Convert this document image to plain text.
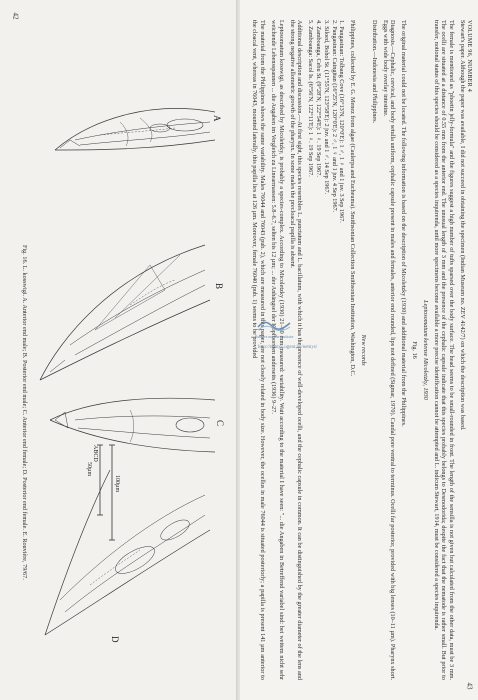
42
A
B
C
D
ABCD
50µm
100µm
Fig. 16. L. kosswigi. A. Anterior end male; B. Posterior end male; C. Anterior end female; D. Posterior end female. E. Rouvière, 79/67.
43
VOLUME 96, NUMBER 4

Stewart's paper. Although the paper was available, I did not succeed in obtaining the specimen (Indian Museum no. ZEV 4142/7) on which the description was based.

The female is mentioned as "phoetin jelly-formula" and the figures suggest a high number of tufts sparsed over the body surface. The head seems to be small-rounded in front. The length of the sensilla is not given but calculated from the other data, must be 3 mm. The ocelli are situated at a distance of 0.55 mm from the anterior end. The unusual length of 3 mm and the presence of the cephalic capsule indicate that this species probably belongs to Desmodorida; despite the fact that the nematode is rather small. But prior to transfer, notional status of this species should be considered as a species inquirenda, until more specimens become available a more precise identification cannot be attempted and L. indicum Stewart, 1914, must be considered a species inquirenda.

Leptosomatum keiense Micoletzky, 1930

Fig. 16

The original material could not be located. The following information is based on the description of Micoletzky (1930) and additional material from the Philippines.

Diagnosis.—Cephalic, cervical, and body setulla uniform, cephalic capsule present in males and females, anterior end rounded, lips not defined (Sigmar, 1970). Caudal pore ventral to terminus. Ocelli far posterior, provided with big lenses (10–11 µm). Pharynx short. Eggs with wide body overlay intestine.

Distribution.—Indonesia and Philippines.

New records

Philippines, collected by E. G. Menez from algae (Caulerpa and Eucheuma). Smithsonian Collection Smithsonian Institution, Washington, D.C.

1. Pangasinan: Tolbang Cove (16°13'N, 120°0'E): 1 ♂, 1 ♀ and 1 juv. 3 Sep 1967.

2. Pangasinan: Caingitan (16°25'N, 120°0'E): 2 ♂, 1 ♀ and 1 juv. 4 Sep 1967.

3. Siloed, Bohol St. (11°55'N, 123°58'E): 2 juv. and 1 ♂. 14 Sep 1967.

4. Zamboanga, Cebu St. (9°28'N, 122°54'E): 1 ♀. 19 Sep 1967.

5. Zamboanga: Sacol Is. (6°56'N, 122°11'E): 1 ♀. 19 Sep 1967.

Additional description and discussion.—At first sight, this species resembles L. punctatum and L. bacillatum, with which it has the presence of well-developed ocelli, and the cephalic capsule in common. It can be distinguished by the greater diameter of the lens and the strong negative allometric growth of the pharynx. In some males the precloacal papilla is absent.

Leptosomatum kosswigi, as described by Micoletzky, is probably a species-complex. According to Micoletzky (1930) 21–30 mm measured: variability. Wait according to the material I have seen: "... die Angaben in Betreffend variabel sind: bei weitem nicht sehr weichende Lebensspannen ... die Angaben im Vergleich zu Linearmassen: 5.8–6.7, selten bis 12 µm; ... der Anhängsel der Kopfborsten anderseits (1936) 9–27.

The material from the Philippines shows the same variability. Males 76044 and 76043 (pub. 2), which are measured in this paper, are not closely related in body size. However, the ocellus in male 76044 is situated posteriorly; a papilla is present 141 µm anterior to the cloacal vent, whereas in 76043, mounted laterally, this papilla lies at 126 µm. Moreover, female 76040 (pub. 1) seems to be provided

flanders marine institute
http://nemys.ugent.be/nemys/
